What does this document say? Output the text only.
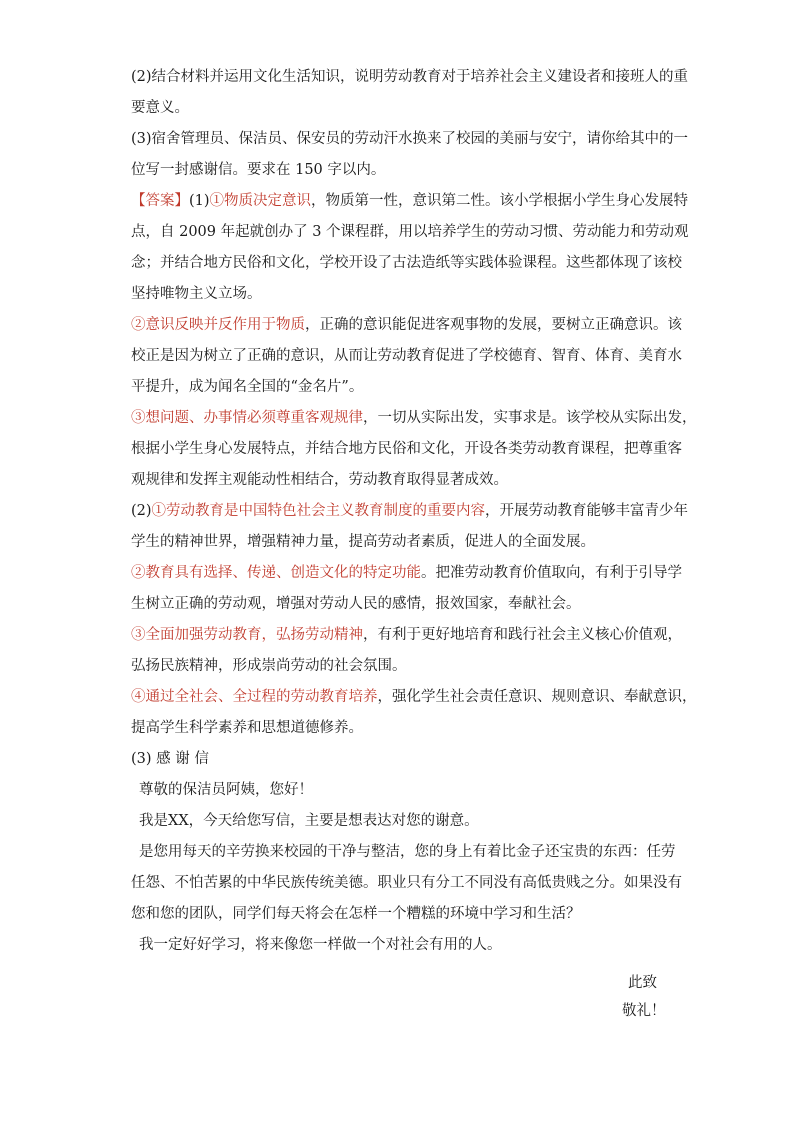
(2)结合材料并运用文化生活知识，说明劳动教育对于培养社会主义建设者和接班人的重
要意义。
(3)宿舍管理员、保洁员、保安员的劳动汗水换来了校园的美丽与安宁，请你给其中的一
位写一封感谢信。要求在 150 字以内。
【答案】(1)①物质决定意识，物质第一性，意识第二性。该小学根据小学生身心发展特
点，自 2009 年起就创办了 3 个课程群，用以培养学生的劳动习惯、劳动能力和劳动观
念；并结合地方民俗和文化，学校开设了古法造纸等实践体验课程。这些都体现了该校
坚持唯物主义立场。
②意识反映并反作用于物质，正确的意识能促进客观事物的发展，要树立正确意识。该
校正是因为树立了正确的意识，从而让劳动教育促进了学校德育、智育、体育、美育水
平提升，成为闻名全国的“金名片”。
③想问题、办事情必须尊重客观规律，一切从实际出发，实事求是。该学校从实际出发，
根据小学生身心发展特点，并结合地方民俗和文化，开设各类劳动教育课程，把尊重客
观规律和发挥主观能动性相结合，劳动教育取得显著成效。
(2)①劳动教育是中国特色社会主义教育制度的重要内容，开展劳动教育能够丰富青少年
学生的精神世界，增强精神力量，提高劳动者素质，促进人的全面发展。
②教育具有选择、传递、创造文化的特定功能。把准劳动教育价值取向，有利于引导学
生树立正确的劳动观，增强对劳动人民的感情，报效国家，奉献社会。
③全面加强劳动教育，弘扬劳动精神，有利于更好地培育和践行社会主义核心价值观，
弘扬民族精神，形成崇尚劳动的社会氛围。
④通过全社会、全过程的劳动教育培养，强化学生社会责任意识、规则意识、奉献意识，
提高学生科学素养和思想道德修养。
(3) 感 谢 信
尊敬的保洁员阿姨，您好！
我是XX，今天给您写信，主要是想表达对您的谢意。
是您用每天的辛劳换来校园的干净与整洁，您的身上有着比金子还宝贵的东西：任劳
任怨、不怕苦累的中华民族传统美德。职业只有分工不同没有高低贵贱之分。如果没有
您和您的团队，同学们每天将会在怎样一个糟糕的环境中学习和生活？
我一定好好学习，将来像您一样做一个对社会有用的人。
此致
敬礼！
